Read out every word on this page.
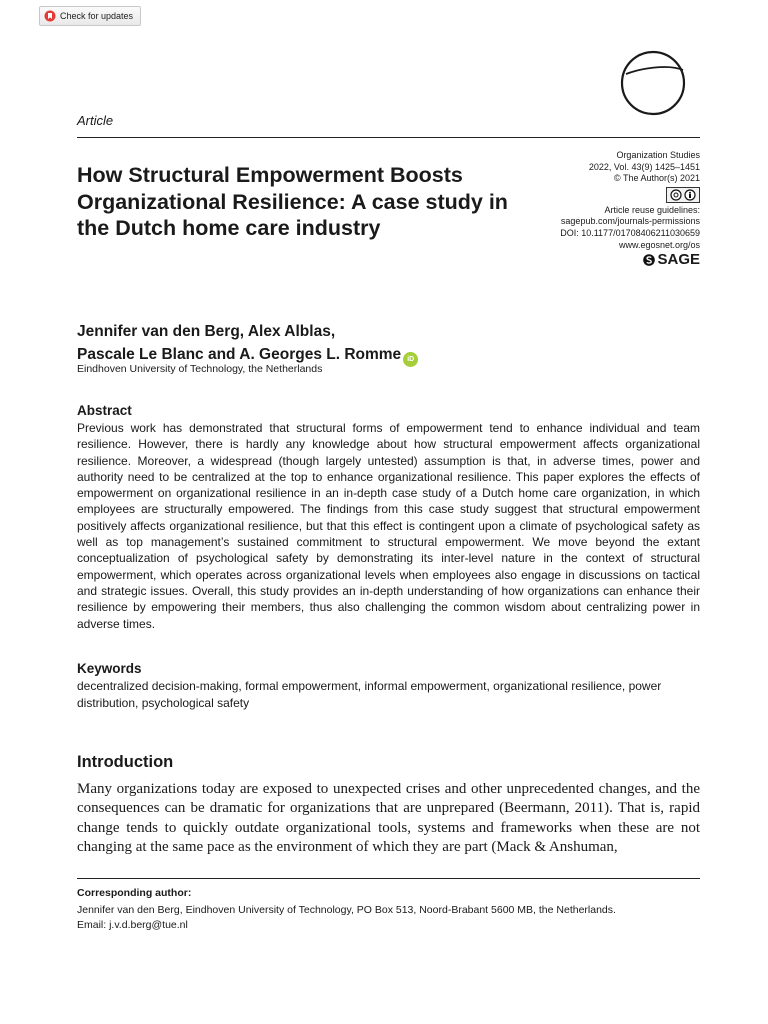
Check for updates
Article
How Structural Empowerment Boosts Organizational Resilience: A case study in the Dutch home care industry
Organization Studies
2022, Vol. 43(9) 1425–1451
© The Author(s) 2021
Article reuse guidelines:
sagepub.com/journals-permissions
DOI: 10.1177/01708406211030659
www.egosnet.org/os
SAGE
Jennifer van den Berg, Alex Alblas,
Pascale Le Blanc and A. Georges L. Romme iD
Eindhoven University of Technology, the Netherlands
Abstract

Previous work has demonstrated that structural forms of empowerment tend to enhance individual and team resilience. However, there is hardly any knowledge about how structural empowerment affects organizational resilience. Moreover, a widespread (though largely untested) assumption is that, in adverse times, power and authority need to be centralized at the top to enhance organizational resilience. This paper explores the effects of empowerment on organizational resilience in an in-depth case study of a Dutch home care organization, in which employees are structurally empowered. The findings from this case study suggest that structural empowerment positively affects organizational resilience, but that this effect is contingent upon a climate of psychological safety as well as top management’s sustained commitment to structural empowerment. We move beyond the extant conceptualization of psychological safety by demonstrating its inter-level nature in the context of structural empowerment, which operates across organizational levels when employees also engage in discussions on tactical and strategic issues. Overall, this study provides an in-depth understanding of how organizations can enhance their resilience by empowering their members, thus also challenging the common wisdom about centralizing power in adverse times.

Keywords

decentralized decision-making, formal empowerment, informal empowerment, organizational resilience, power distribution, psychological safety

Introduction

Many organizations today are exposed to unexpected crises and other unprecedented changes, and the consequences can be dramatic for organizations that are unprepared (Beermann, 2011). That is, rapid change tends to quickly outdate organizational tools, systems and frameworks when these are not changing at the same pace as the environment of which they are part (Mack & Anshuman,

Corresponding author:
Jennifer van den Berg, Eindhoven University of Technology, PO Box 513, Noord-Brabant 5600 MB, the Netherlands.
Email: j.v.d.berg@tue.nl
